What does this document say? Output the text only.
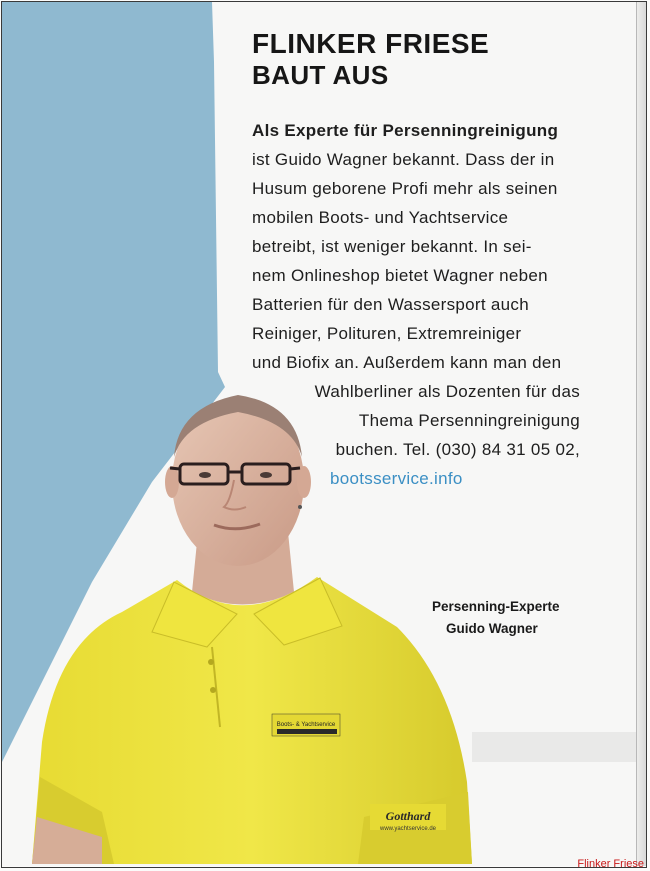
FLINKER FRIESE
BAUT AUS
Als Experte für Persenningreinigung
ist Guido Wagner bekannt. Dass der in
Husum geborene Profi mehr als seinen
mobilen Boots- und Yachtservice
betreibt, ist weniger bekannt. In sei-
nem Onlineshop bietet Wagner neben
Batterien für den Wassersport auch
Reiniger, Polituren, Extremreiniger
und Biofix an. Außerdem kann man den
Wahlberliner als Dozenten für das
Thema Persenningreinigung
buchen. Tel. (030) 84 31 05 02,
bootsservice.info
Persenning-Experte
Guido Wagner
Boots- & Yachtservice
Gotthard
www.yachtservice.de
Flinker Friese
